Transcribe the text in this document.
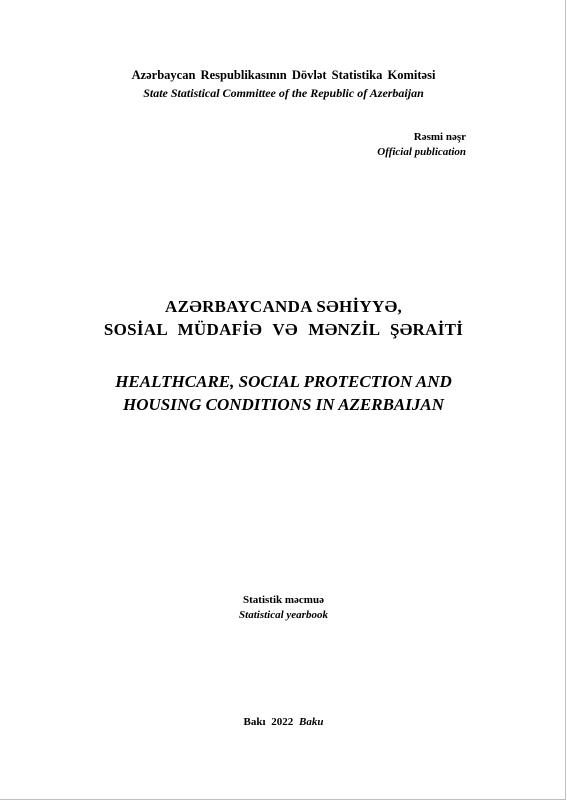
Azərbaycan Respublikasının Dövlət Statistika Komitəsi
State Statistical Committee of the Republic of Azerbaijan
Rəsmi nəşr
Official publication
AZƏRBAYCANDA SƏHİYYƏ,
SOSİAL MÜDAFİƏ VƏ MƏNZİL ŞƏRAİTİ
HEALTHCARE, SOCIAL PROTECTION AND
HOUSING CONDITIONS IN AZERBAIJAN
Statistik məcmuə
Statistical yearbook
Bakı 2022 Baku
